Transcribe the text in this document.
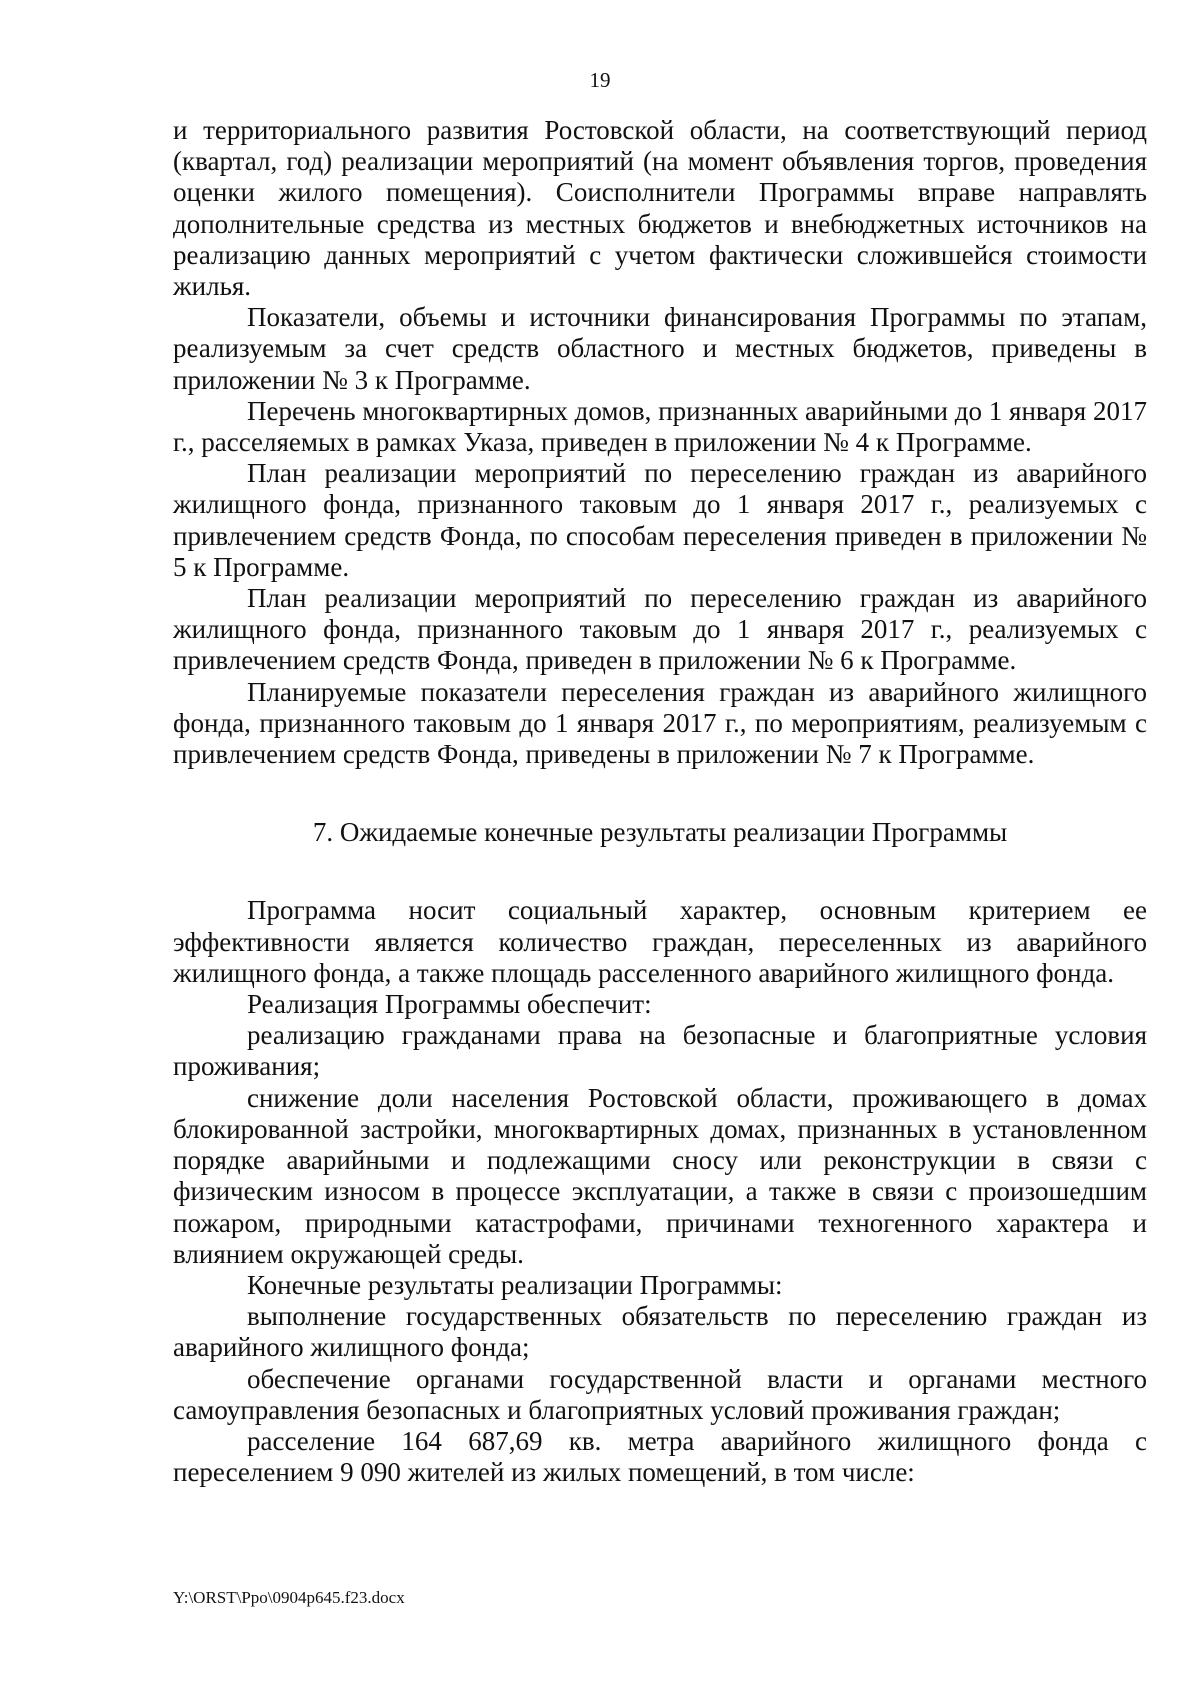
19

и территориального развития Ростовской области, на соответствующий период (квартал, год) реализации мероприятий (на момент объявления торгов, проведения оценки жилого помещения). Соисполнители Программы вправе направлять дополнительные средства из местных бюджетов и внебюджетных источников на реализацию данных мероприятий с учетом фактически сложившейся стоимости жилья.

Показатели, объемы и источники финансирования Программы по этапам, реализуемым за счет средств областного и местных бюджетов, приведены в приложении № 3 к Программе.

Перечень многоквартирных домов, признанных аварийными до 1 января 2017 г., расселяемых в рамках Указа, приведен в приложении № 4 к Программе.

План реализации мероприятий по переселению граждан из аварийного жилищного фонда, признанного таковым до 1 января 2017 г., реализуемых с привлечением средств Фонда, по способам переселения приведен в приложении № 5 к Программе.

План реализации мероприятий по переселению граждан из аварийного жилищного фонда, признанного таковым до 1 января 2017 г., реализуемых с привлечением средств Фонда, приведен в приложении № 6 к Программе.

Планируемые показатели переселения граждан из аварийного жилищного фонда, признанного таковым до 1 января 2017 г., по мероприятиям, реализуемым с привлечением средств Фонда, приведены в приложении № 7 к Программе.

7. Ожидаемые конечные результаты реализации Программы

Программа носит социальный характер, основным критерием ее эффективности является количество граждан, переселенных из аварийного жилищного фонда, а также площадь расселенного аварийного жилищного фонда.

Реализация Программы обеспечит:

реализацию гражданами права на безопасные и благоприятные условия проживания;

снижение доли населения Ростовской области, проживающего в домах блокированной застройки, многоквартирных домах, признанных в установленном порядке аварийными и подлежащими сносу или реконструкции в связи с физическим износом в процессе эксплуатации, а также в связи с произошедшим пожаром, природными катастрофами, причинами техногенного характера и влиянием окружающей среды.

Конечные результаты реализации Программы:

выполнение государственных обязательств по переселению граждан из аварийного жилищного фонда;

обеспечение органами государственной власти и органами местного самоуправления безопасных и благоприятных условий проживания граждан;

расселение 164 687,69 кв. метра аварийного жилищного фонда с переселением 9 090 жителей из жилых помещений, в том числе:

Y:\ORST\Ppo\0904p645.f23.docx
